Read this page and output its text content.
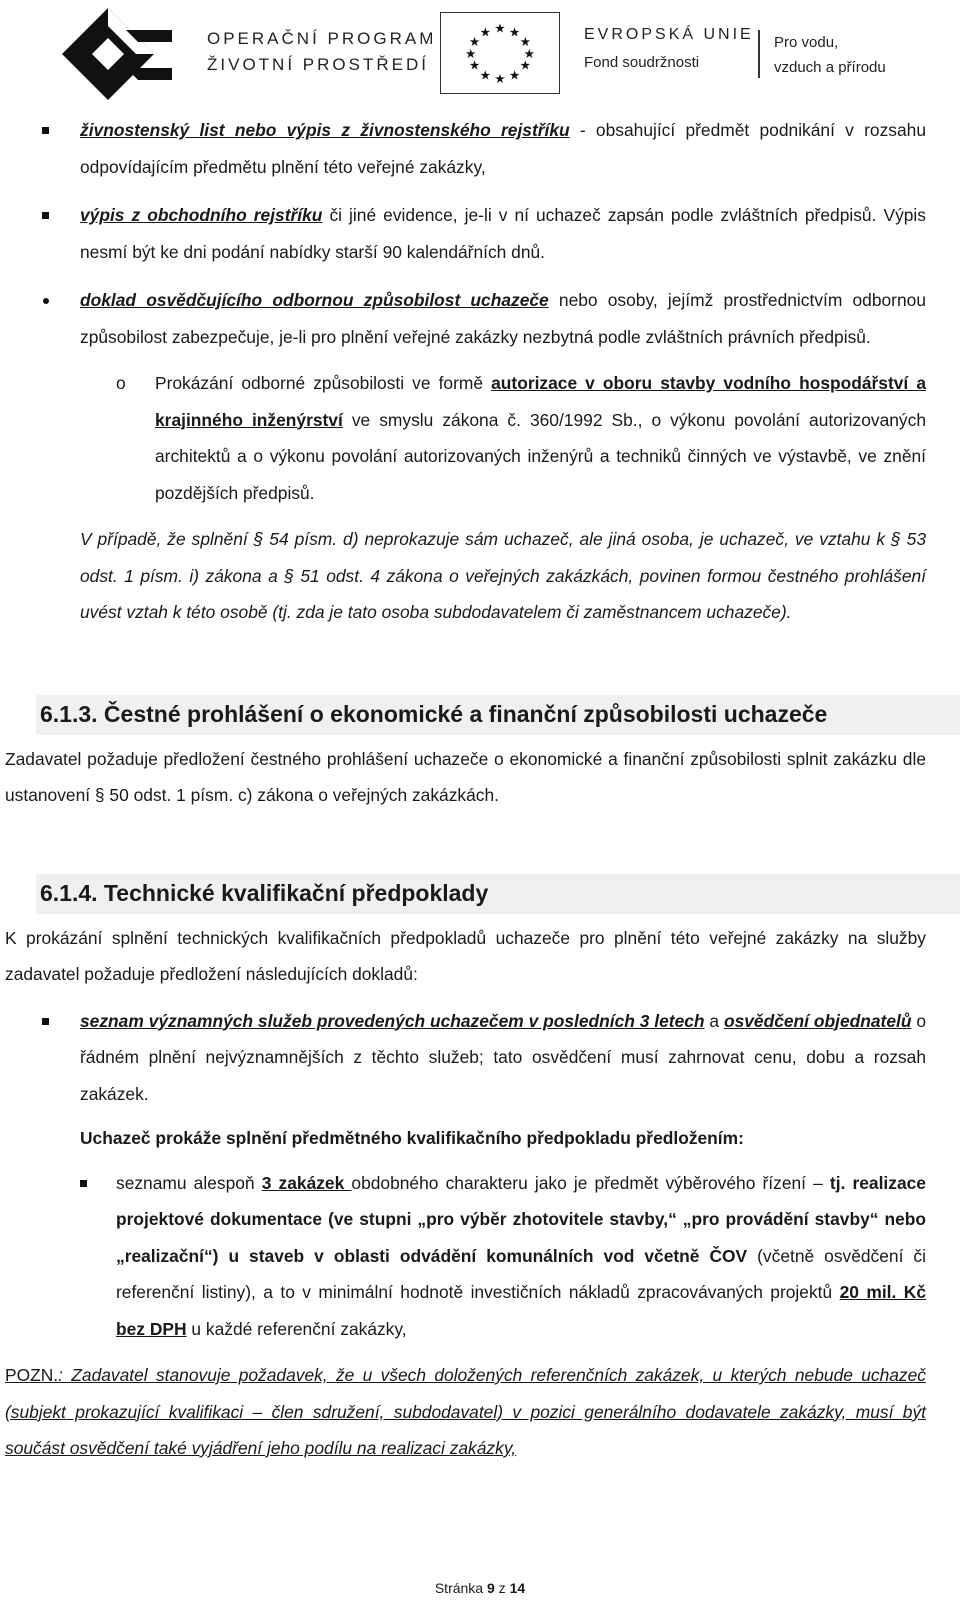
OPERAČNÍ PROGRAM
ŽIVOTNÍ PROSTŘEDÍ
★ ★
★
★
★
★
★
★
★
★
★
★	EVROPSKÁ UNIE
Fond soudržnosti
Pro vodu,
vzduch a přírodu

živnostenský list nebo výpis z živnostenského rejstříku - obsahující předmět podnikání v rozsahu odpovídajícím předmětu plnění této veřejné zakázky,

výpis z obchodního rejstříku či jiné evidence, je-li v ní uchazeč zapsán podle zvláštních předpisů. Výpis nesmí být ke dni podání nabídky starší 90 kalendářních dnů.

doklad osvědčujícího odbornou způsobilost uchazeče nebo osoby, jejímž prostřednictvím odbornou způsobilost zabezpečuje, je-li pro plnění veřejné zakázky nezbytná podle zvláštních právních předpisů.

o Prokázání odborné způsobilosti ve formě autorizace v oboru stavby vodního hospodářství a krajinného inženýrství ve smyslu zákona č. 360/1992 Sb., o výkonu povolání autorizovaných architektů a o výkonu povolání autorizovaných inženýrů a techniků činných ve výstavbě, ve znění pozdějších předpisů.

V případě, že splnění § 54 písm. d) neprokazuje sám uchazeč, ale jiná osoba, je uchazeč, ve vztahu k § 53 odst. 1 písm. i) zákona a § 51 odst. 4 zákona o veřejných zakázkách, povinen formou čestného prohlášení uvést vztah k této osobě (tj. zda je tato osoba subdodavatelem či zaměstnancem uchazeče).

6.1.3. Čestné prohlášení o ekonomické a finanční způsobilosti uchazeče

Zadavatel požaduje předložení čestného prohlášení uchazeče o ekonomické a finanční způsobilosti splnit zakázku dle ustanovení § 50 odst. 1 písm. c) zákona o veřejných zakázkách.

6.1.4. Technické kvalifikační předpoklady

K prokázání splnění technických kvalifikačních předpokladů uchazeče pro plnění této veřejné zakázky na služby zadavatel požaduje předložení následujících dokladů:

seznam významných služeb provedených uchazečem v posledních 3 letech a osvědčení objednatelů o řádném plnění nejvýznamnějších z těchto služeb; tato osvědčení musí zahrnovat cenu, dobu a rozsah zakázek.

Uchazeč prokáže splnění předmětného kvalifikačního předpokladu předložením:

seznamu alespoň 3 zakázek obdobného charakteru jako je předmět výběrového řízení – tj. realizace projektové dokumentace (ve stupni „pro výběr zhotovitele stavby,“ „pro provádění stavby“ nebo „realizační“) u staveb v oblasti odvádění komunálních vod včetně ČOV (včetně osvědčení či referenční listiny), a to v minimální hodnotě investičních nákladů zpracovávaných projektů 20 mil. Kč bez DPH u každé referenční zakázky,

POZN.: Zadavatel stanovuje požadavek, že u všech doložených referenčních zakázek, u kterých nebude uchazeč (subjekt prokazující kvalifikaci – člen sdružení, subdodavatel) v pozici generálního dodavatele zakázky, musí být součást osvědčení také vyjádření jeho podílu na realizaci zakázky,

Stránka 9 z 14
